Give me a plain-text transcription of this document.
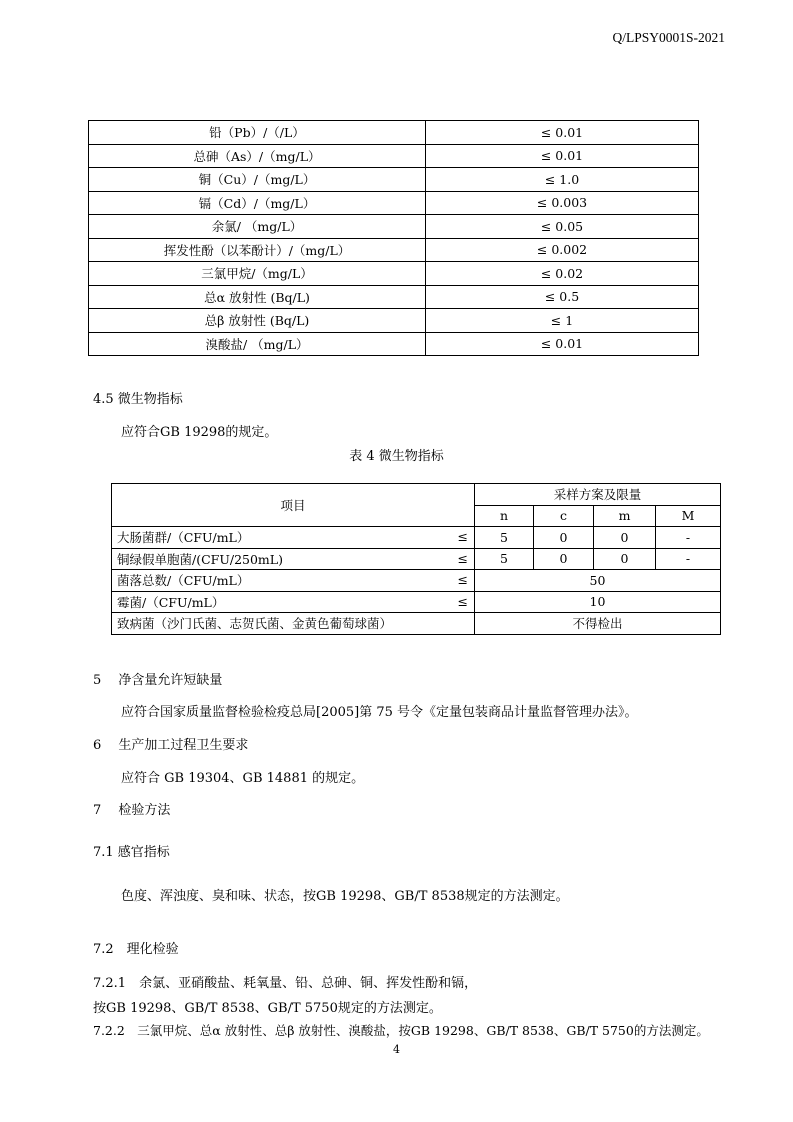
Q/LPSY0001S-2021
铅（Pb）/（/L）	≤ 0.01
总砷（As）/（mg/L）	≤ 0.01
铜（Cu）/（mg/L）	≤ 1.0
镉（Cd）/（mg/L）	≤ 0.003
余氯/ （mg/L）	≤ 0.05
挥发性酚（以苯酚计）/（mg/L）	≤ 0.002
三氯甲烷/（mg/L）	≤ 0.02
总α 放射性 (Bq/L)	≤ 0.5
总β 放射性 (Bq/L)	≤ 1
溴酸盐/ （mg/L）	≤ 0.01
4.5 微生物指标
应符合GB 19298的规定。
表 4 微生物指标
项目	采样方案及限量			
	n	c	m	M
大肠菌群/（CFU/mL） ≤	5	0	0	-
铜绿假单胞菌/(CFU/250mL) ≤	5	0	0	-
菌落总数/（CFU/mL） ≤	50			
霉菌/（CFU/mL） ≤	10			
致病菌（沙门氏菌、志贺氏菌、金黄色葡萄球菌）	不得检出			
5　 净含量允许短缺量
应符合国家质量监督检验检疫总局[2005]第 75 号令《定量包装商品计量监督管理办法》。
6　 生产加工过程卫生要求
应符合 GB 19304、GB 14881 的规定。
7　 检验方法
7.1 感官指标
色度、浑浊度、臭和味、状态，按GB 19298、GB/T 8538规定的方法测定。
7.2　理化检验
7.2.1　余氯、亚硝酸盐、耗氧量、铅、总砷、铜、挥发性酚和镉，
按GB 19298、GB/T 8538、GB/T 5750规定的方法测定。
7.2.2　三氯甲烷、总α 放射性、总β 放射性、溴酸盐，按GB 19298、GB/T 8538、GB/T 5750的方法测定。
4
